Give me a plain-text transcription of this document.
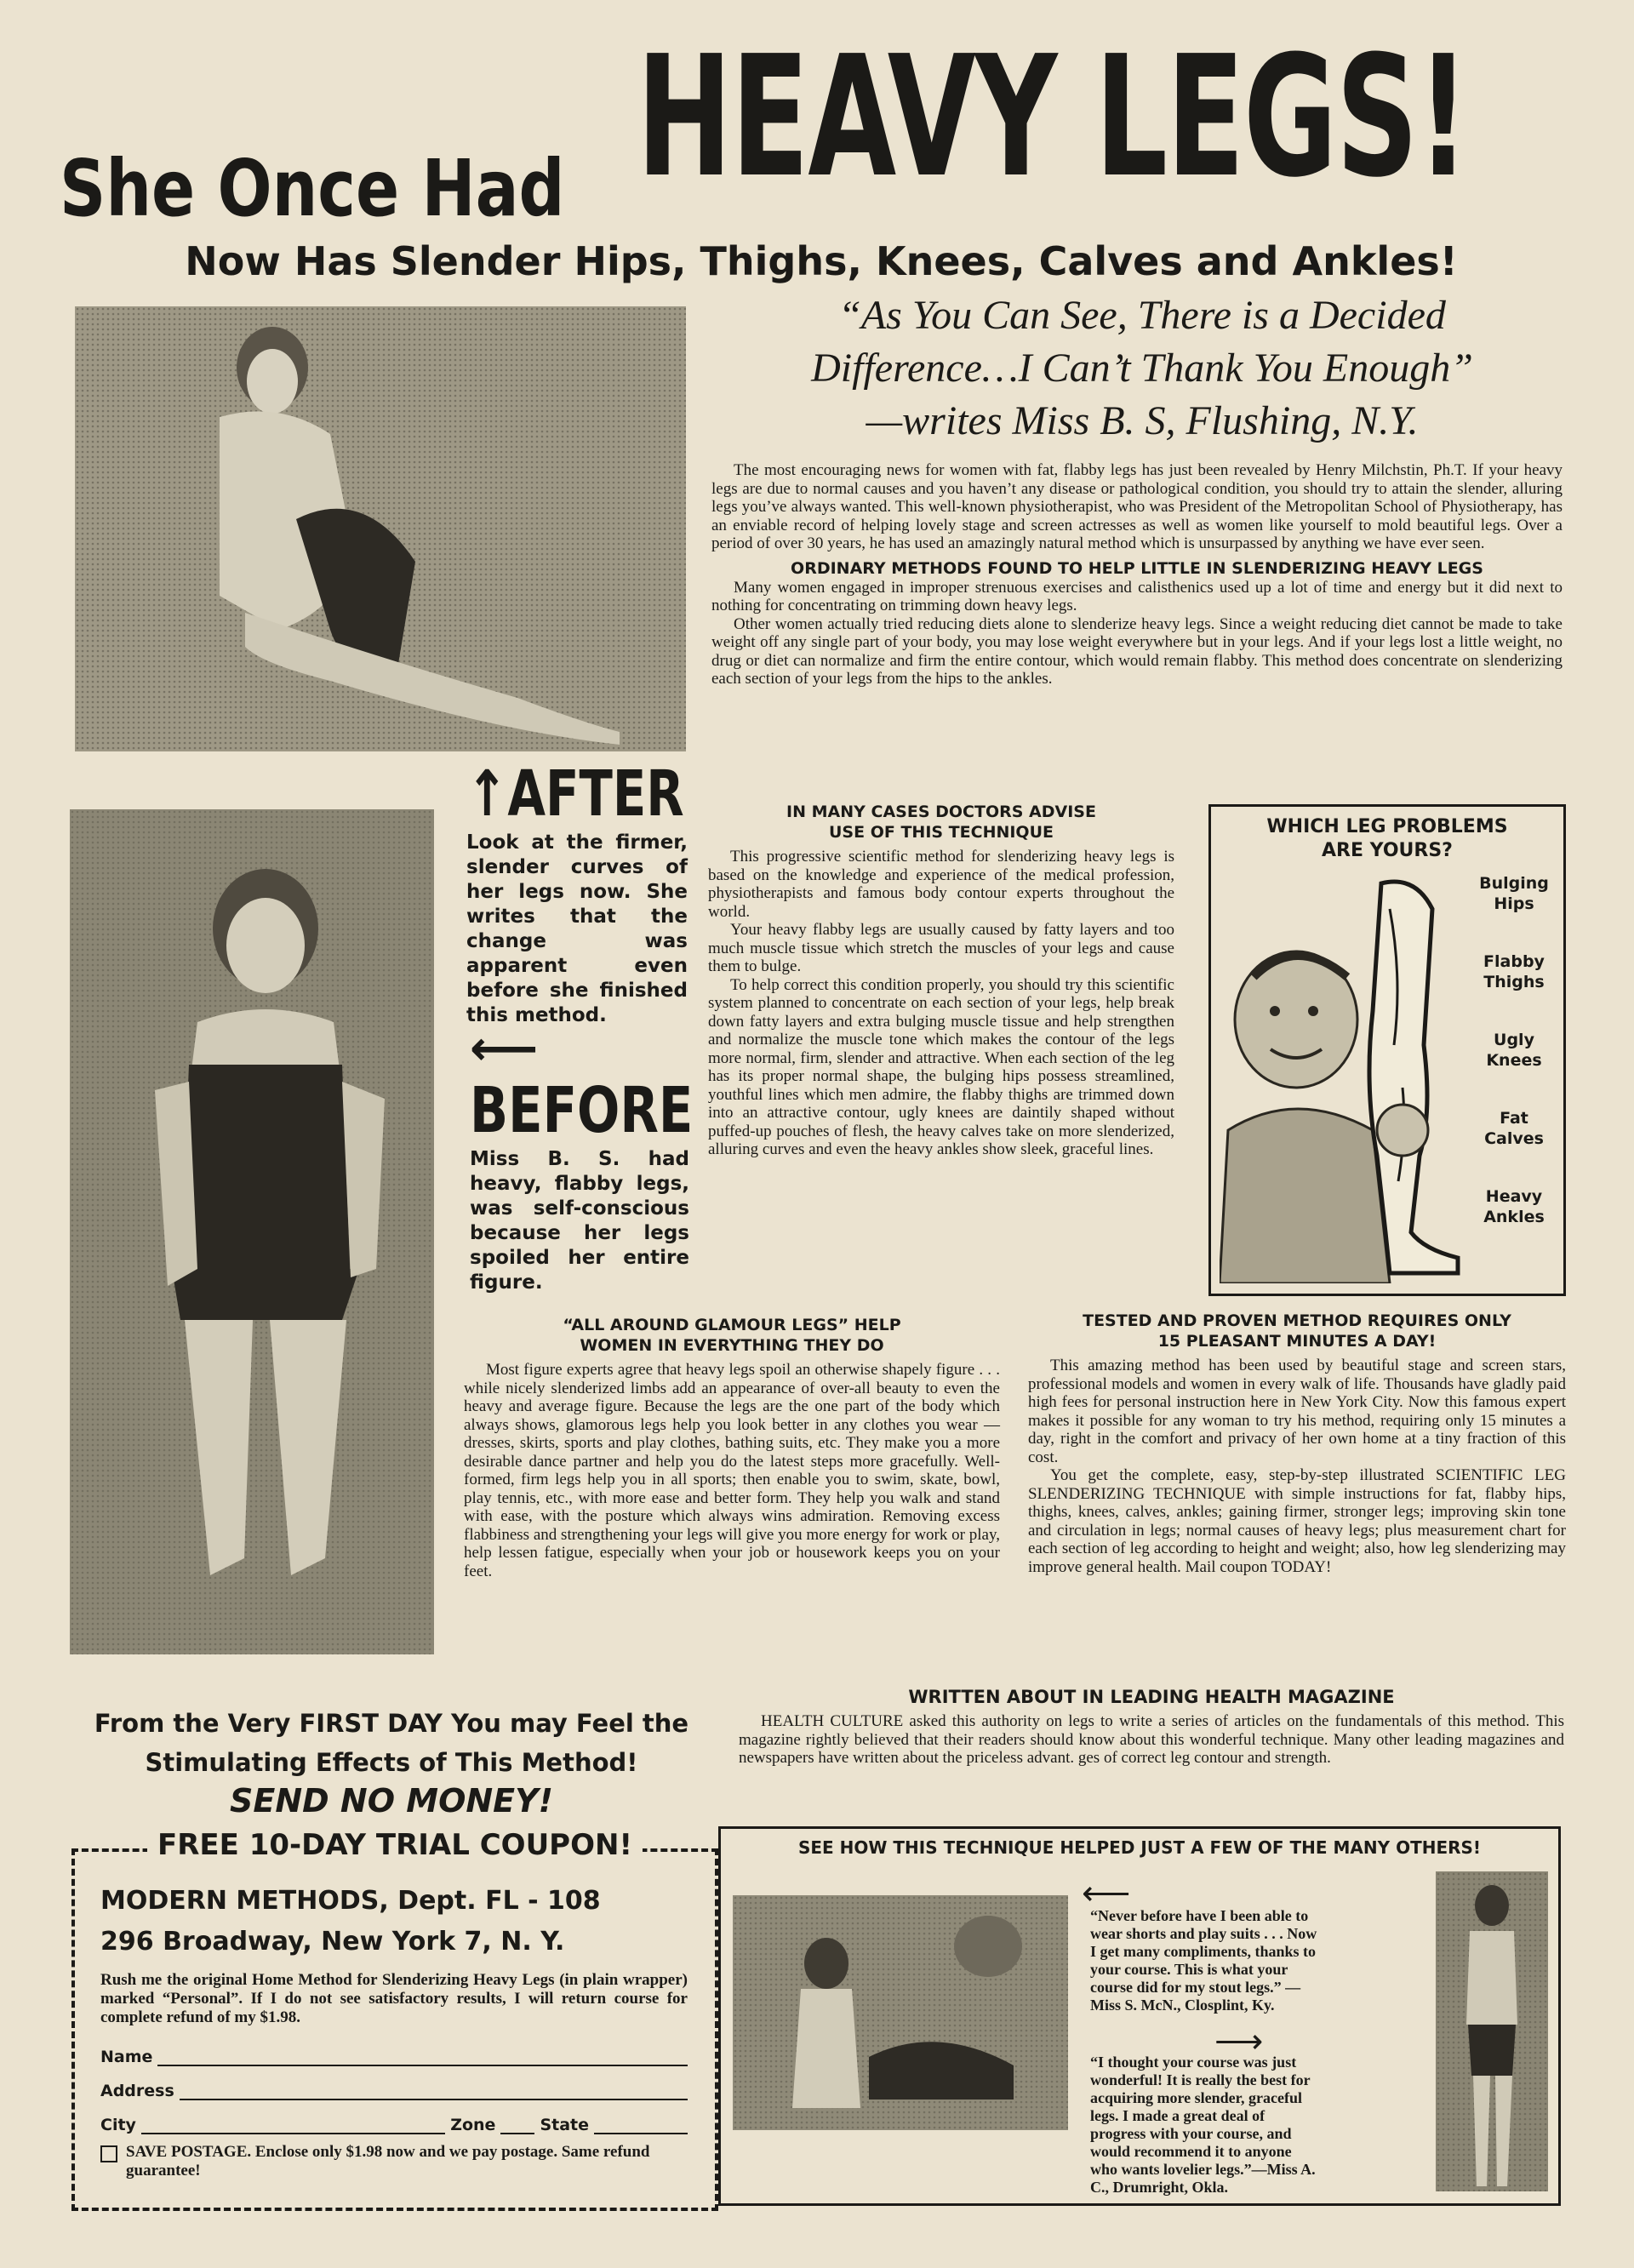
She Once Had HEAVY LEGS!
Now Has Slender Hips, Thighs, Knees, Calves and Ankles!
“As You Can See, There is a Decided
Difference…I Can’t Thank You Enough”
—writes Miss B. S, Flushing, N.Y.

The most encouraging news for women with fat, flabby legs has just been revealed by Henry Milchstin, Ph.T. If your heavy legs are due to normal causes and you haven’t any disease or pathological condition, you should try to attain the slender, alluring legs you’ve always wanted. This well-known physiotherapist, who was President of the Metropolitan School of Physiotherapy, has an enviable record of helping lovely stage and screen actresses as well as women like yourself to mold beautiful legs. Over a period of over 30 years, he has used an amazingly natural method which is unsurpassed by anything we have ever seen.

ORDINARY METHODS FOUND TO HELP LITTLE IN SLENDERIZING HEAVY LEGS

Many women engaged in improper strenuous exercises and calisthenics used up a lot of time and energy but it did next to nothing for concentrating on trimming down heavy legs.

Other women actually tried reducing diets alone to slenderize heavy legs. Since a weight reducing diet cannot be made to take weight off any single part of your body, you may lose weight everywhere but in your legs. And if your legs lost a little weight, no drug or diet can normalize and firm the entire contour, which would remain flabby. This method does concentrate on slenderizing each section of your legs from the hips to the ankles.

↑AFTER

Look at the firmer, slender curves of her legs now. She writes that the change was apparent even before she finished this method.

⟵
BEFORE

Miss B. S. had heavy, flabby legs, was self-conscious because her legs spoiled her entire figure.

IN MANY CASES DOCTORS ADVISE
USE OF THIS TECHNIQUE

This progressive scientific method for slenderizing heavy legs is based on the knowledge and experience of the medical profession, physiotherapists and famous body contour experts throughout the world.

Your heavy flabby legs are usually caused by fatty layers and too much muscle tissue which stretch the muscles of your legs and cause them to bulge.

To help correct this condition properly, you should try this scientific system planned to concentrate on each section of your legs, help break down fatty layers and extra bulging muscle tissue and help strengthen and normalize the muscle tone which makes the contour of the legs more normal, firm, slender and attractive. When each section of the leg has its proper normal shape, the bulging hips possess streamlined, youthful lines which men admire, the flabby thighs are trimmed down into an attractive contour, ugly knees are daintily shaped without puffed-up pouches of flesh, the heavy calves take on more slenderized, alluring curves and even the heavy ankles show sleek, graceful lines.

WHICH LEG PROBLEMS
ARE YOURS?
Bulging
Hips
Flabby
Thighs
Ugly
Knees
Fat
Calves
Heavy
Ankles
“ALL AROUND GLAMOUR LEGS” HELP
WOMEN IN EVERYTHING THEY DO

Most figure experts agree that heavy legs spoil an otherwise shapely figure . . . while nicely slenderized limbs add an appearance of over-all beauty to even the heavy and average figure. Because the legs are the one part of the body which always shows, glamorous legs help you look better in any clothes you wear — dresses, skirts, sports and play clothes, bathing suits, etc. They make you a more desirable dance partner and help you do the latest steps more gracefully. Well-formed, firm legs help you in all sports; then enable you to swim, skate, bowl, play tennis, etc., with more ease and better form. They help you walk and stand with ease, with the posture which always wins admiration. Removing excess flabbiness and strengthening your legs will give you more energy for work or play, help lessen fatigue, especially when your job or housework keeps you on your feet.

TESTED AND PROVEN METHOD REQUIRES ONLY
15 PLEASANT MINUTES A DAY!

This amazing method has been used by beautiful stage and screen stars, professional models and women in every walk of life. Thousands have gladly paid high fees for personal instruction here in New York City. Now this famous expert makes it possible for any woman to try his method, requiring only 15 minutes a day, right in the comfort and privacy of her own home at a tiny fraction of this cost.

You get the complete, easy, step-by-step illustrated SCIENTIFIC LEG SLENDERIZING TECHNIQUE with simple instructions for fat, flabby hips, thighs, knees, calves, ankles; gaining firmer, stronger legs; improving skin tone and circulation in legs; normal causes of heavy legs; plus measurement chart for each section of leg according to height and weight; also, how leg slenderizing may improve general health. Mail coupon TODAY!

From the Very FIRST DAY You may Feel the
Stimulating Effects of This Method!
SEND NO MONEY!
WRITTEN ABOUT IN LEADING HEALTH MAGAZINE

HEALTH CULTURE asked this authority on legs to write a series of articles on the fundamentals of this method. This magazine rightly believed that their readers should know about this wonderful technique. Many other leading magazines and newspapers have written about the priceless advant. ges of correct leg contour and strength.

FREE 10-DAY TRIAL COUPON!
MODERN METHODS, Dept. FL - 108
296 Broadway, New York 7, N. Y.

Rush me the original Home Method for Slenderizing Heavy Legs (in plain wrapper) marked “Personal”. If I do not see satisfactory results, I will return course for complete refund of my $1.98.

Name
Address
City	Zone	State
SAVE POSTAGE. Enclose only $1.98 now and we pay postage. Same refund guarantee!
SEE HOW THIS TECHNIQUE HELPED JUST A FEW OF THE MANY OTHERS!
⟵

“Never before have I been able to wear shorts and play suits . . . Now I get many compliments, thanks to your course. This is what your course did for my stout legs.” —Miss S. McN., Closplint, Ky.

⟶

“I thought your course was just wonderful! It is really the best for acquiring more slender, graceful legs. I made a great deal of progress with your course, and would recommend it to anyone who wants lovelier legs.”—Miss A. C., Drumright, Okla.
